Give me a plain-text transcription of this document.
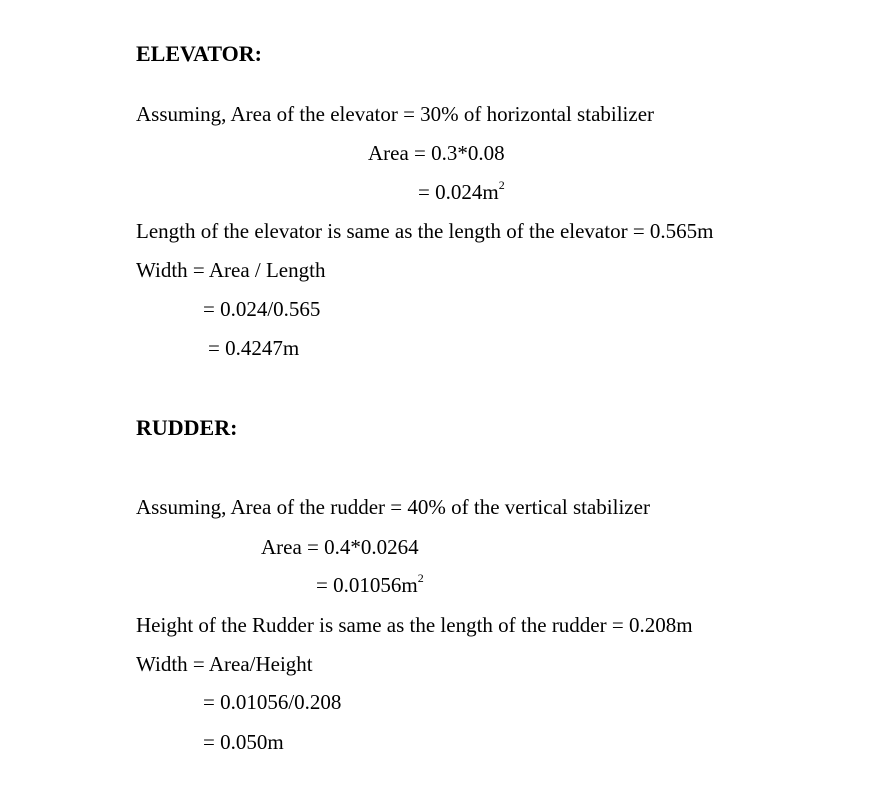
ELEVATOR:

Assuming, Area of the elevator = 30% of horizontal stabilizer

Area = 0.3*0.08

= $0.024m^2$

Length of the elevator is same as the length of the elevator = 0.565m

Width = Area / Length

= 0.024/0.565

= 0.4247m

RUDDER:

Assuming, Area of the rudder = 40% of the vertical stabilizer

Area = 0.4*0.0264

= $0.01056m^2$

Height of the Rudder is same as the length of the rudder = 0.208m

Width = Area/Height

= 0.01056/0.208

= 0.050m
